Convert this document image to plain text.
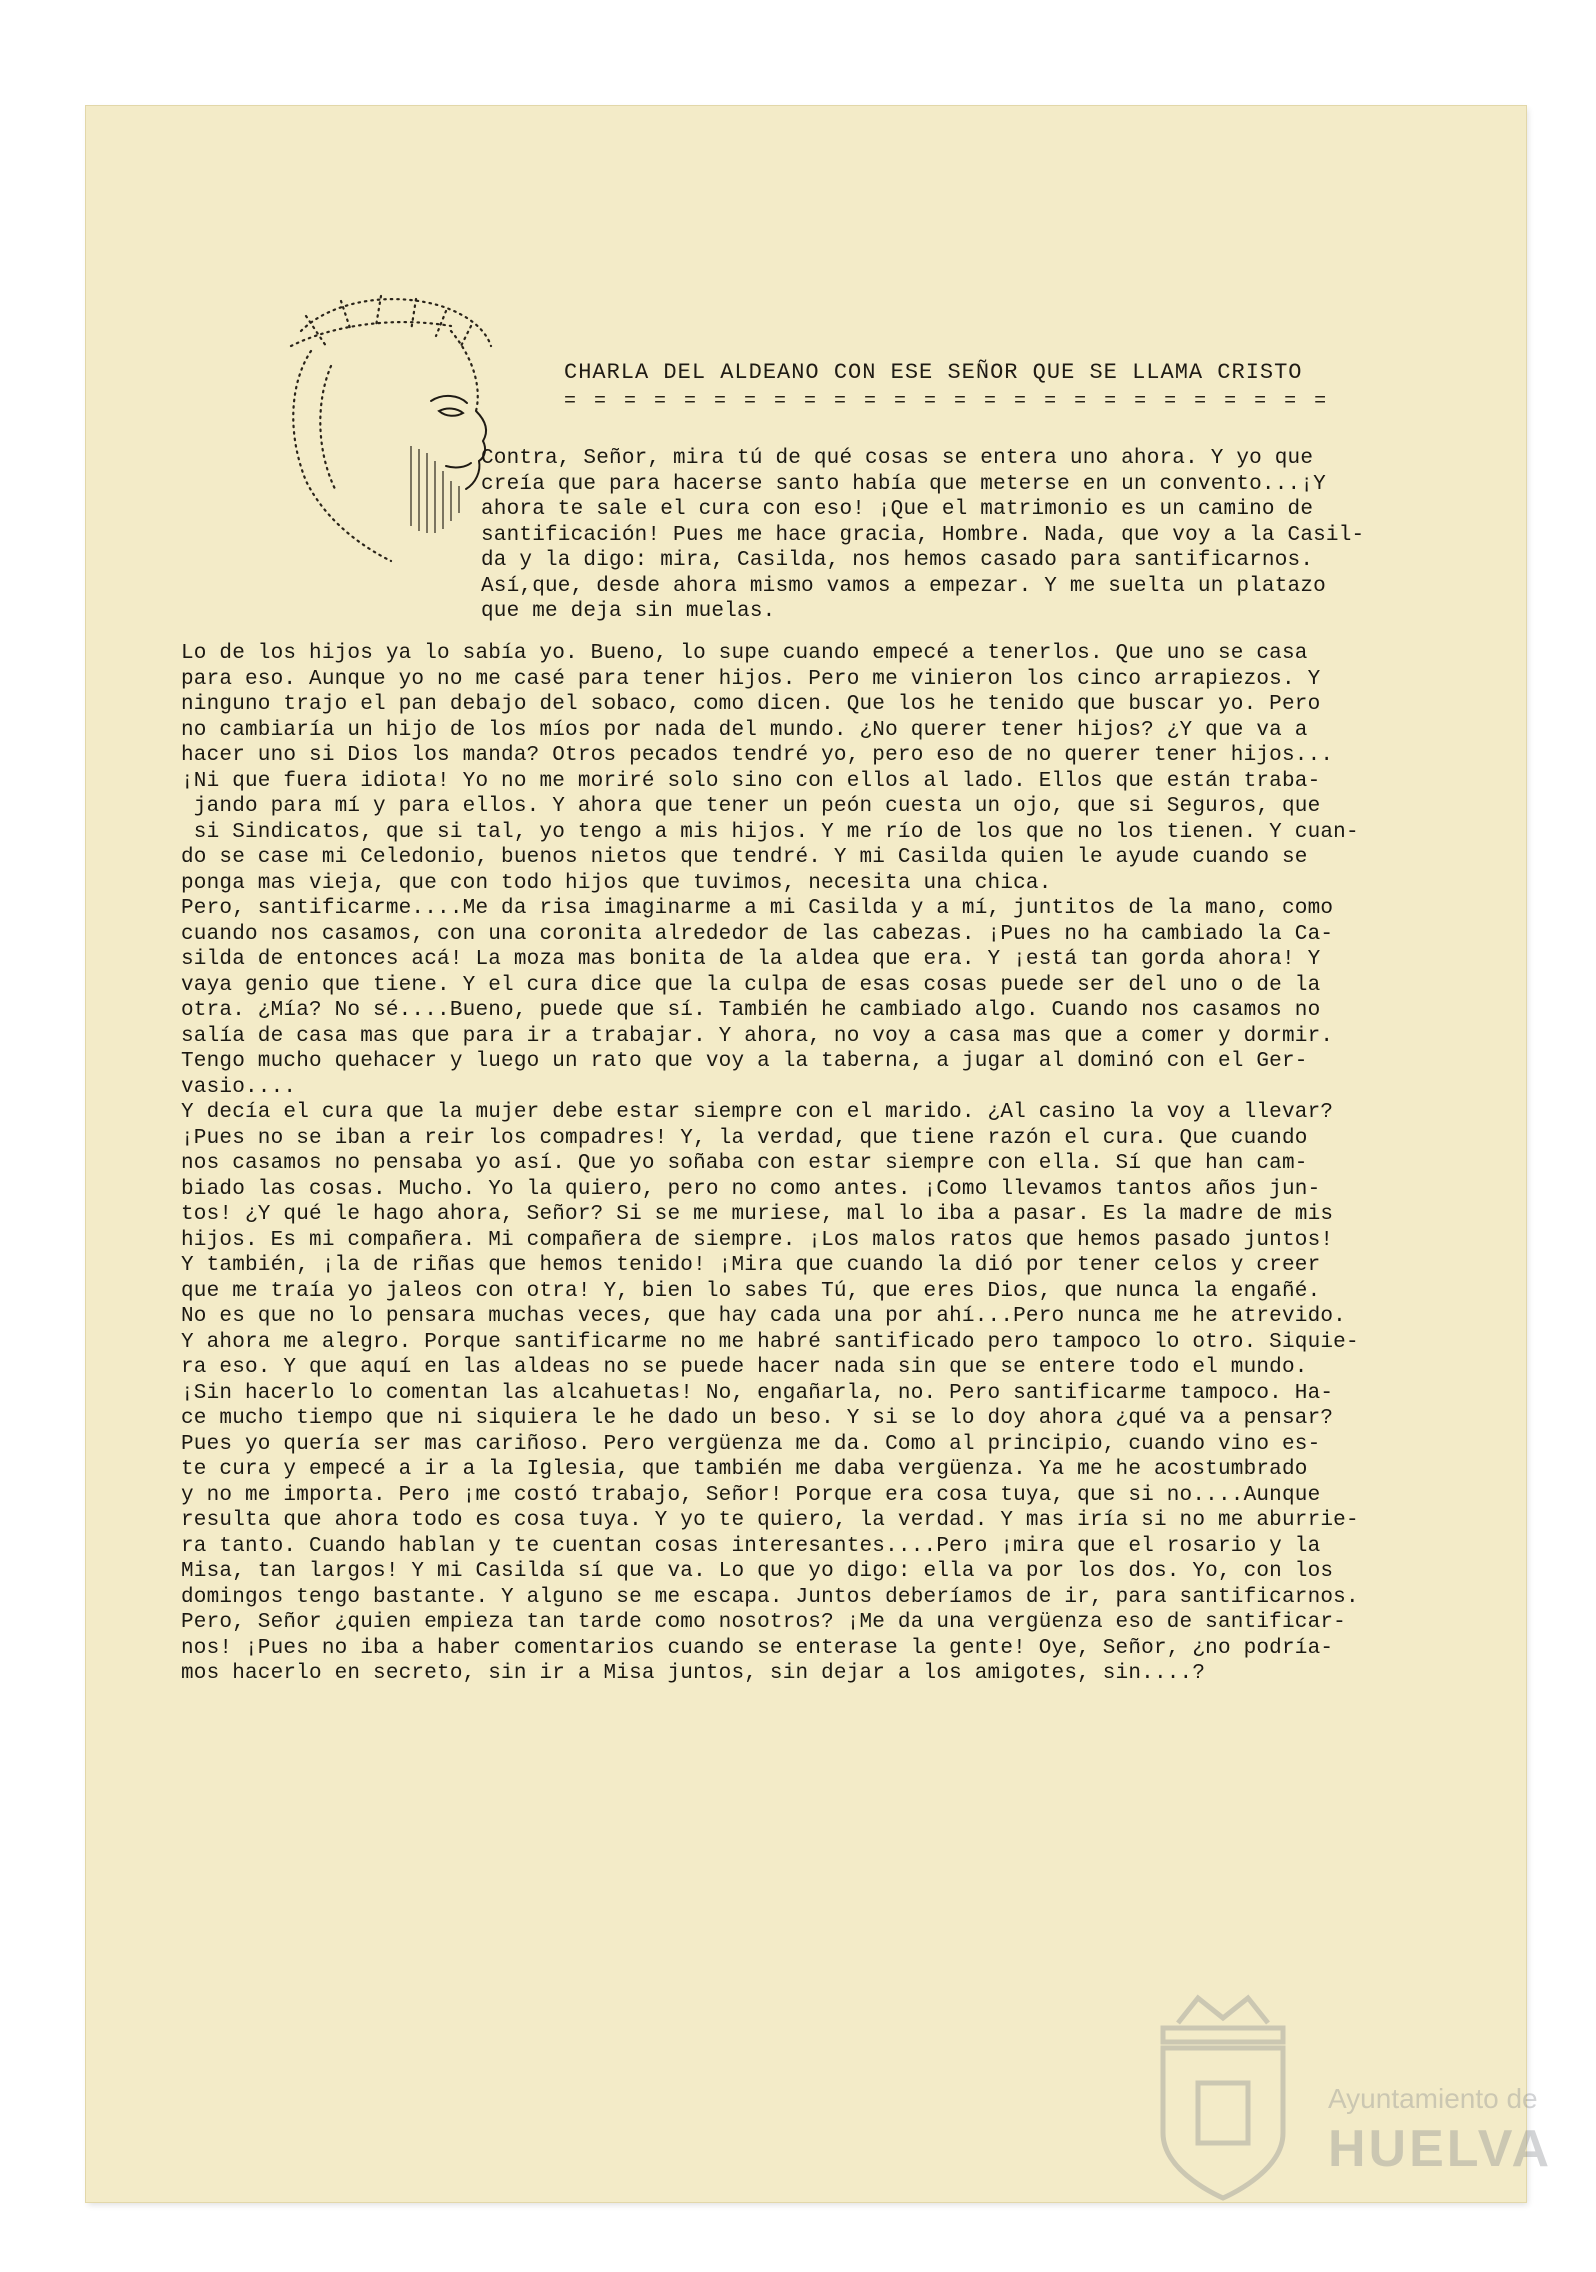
CHARLA DEL ALDEANO CON ESE SEÑOR QUE SE LLAMA CRISTO
= = = = = = = = = = = = = = = = = = = = = = = = = =

Contra, Señor, mira tú de qué cosas se entera uno ahora. Y yo que
creía que para hacerse santo había que meterse en un convento...¡Y
ahora te sale el cura con eso! ¡Que el matrimonio es un camino de
santificación! Pues me hace gracia, Hombre. Nada, que voy a la Casil-
da y la digo: mira, Casilda, nos hemos casado para santificarnos.
Así,que, desde ahora mismo vamos a empezar. Y me suelta un platazo
que me deja sin muelas.

Lo de los hijos ya lo sabía yo. Bueno, lo supe cuando empecé a tenerlos. Que uno se casa
para eso. Aunque yo no me casé para tener hijos. Pero me vinieron los cinco arrapiezos. Y
ninguno trajo el pan debajo del sobaco, como dicen. Que los he tenido que buscar yo. Pero
no cambiaría un hijo de los míos por nada del mundo. ¿No querer tener hijos? ¿Y que va a
hacer uno si Dios los manda? Otros pecados tendré yo, pero eso de no querer tener hijos...
¡Ni que fuera idiota! Yo no me moriré solo sino con ellos al lado. Ellos que están traba-
jando para mí y para ellos. Y ahora que tener un peón cuesta un ojo, que si Seguros, que
si Sindicatos, que si tal, yo tengo a mis hijos. Y me río de los que no los tienen. Y cuan-
do se case mi Celedonio, buenos nietos que tendré. Y mi Casilda quien le ayude cuando se
ponga mas vieja, que con todo hijos que tuvimos, necesita una chica.
Pero, santificarme....Me da risa imaginarme a mi Casilda y a mí, juntitos de la mano, como
cuando nos casamos, con una coronita alrededor de las cabezas. ¡Pues no ha cambiado la Ca-
silda de entonces acá! La moza mas bonita de la aldea que era. Y ¡está tan gorda ahora! Y
vaya genio que tiene. Y el cura dice que la culpa de esas cosas puede ser del uno o de la
otra. ¿Mía? No sé....Bueno, puede que sí. También he cambiado algo. Cuando nos casamos no
salía de casa mas que para ir a trabajar. Y ahora, no voy a casa mas que a comer y dormir.
Tengo mucho quehacer y luego un rato que voy a la taberna, a jugar al dominó con el Ger-
vasio....
Y decía el cura que la mujer debe estar siempre con el marido. ¿Al casino la voy a llevar?
¡Pues no se iban a reir los compadres! Y, la verdad, que tiene razón el cura. Que cuando
nos casamos no pensaba yo así. Que yo soñaba con estar siempre con ella. Sí que han cam-
biado las cosas. Mucho. Yo la quiero, pero no como antes. ¡Como llevamos tantos años jun-
tos! ¿Y qué le hago ahora, Señor? Si se me muriese, mal lo iba a pasar. Es la madre de mis
hijos. Es mi compañera. Mi compañera de siempre. ¡Los malos ratos que hemos pasado juntos!
Y también, ¡la de riñas que hemos tenido! ¡Mira que cuando la dió por tener celos y creer
que me traía yo jaleos con otra! Y, bien lo sabes Tú, que eres Dios, que nunca la engañé.
No es que no lo pensara muchas veces, que hay cada una por ahí...Pero nunca me he atrevido.
Y ahora me alegro. Porque santificarme no me habré santificado pero tampoco lo otro. Siquie-
ra eso. Y que aquí en las aldeas no se puede hacer nada sin que se entere todo el mundo.
¡Sin hacerlo lo comentan las alcahuetas! No, engañarla, no. Pero santificarme tampoco. Ha-
ce mucho tiempo que ni siquiera le he dado un beso. Y si se lo doy ahora ¿qué va a pensar?
Pues yo quería ser mas cariñoso. Pero vergüenza me da. Como al principio, cuando vino es-
te cura y empecé a ir a la Iglesia, que también me daba vergüenza. Ya me he acostumbrado
y no me importa. Pero ¡me costó trabajo, Señor! Porque era cosa tuya, que si no....Aunque
resulta que ahora todo es cosa tuya. Y yo te quiero, la verdad. Y mas iría si no me aburrie-
ra tanto. Cuando hablan y te cuentan cosas interesantes....Pero ¡mira que el rosario y la
Misa, tan largos! Y mi Casilda sí que va. Lo que yo digo: ella va por los dos. Yo, con los
domingos tengo bastante. Y alguno se me escapa. Juntos deberíamos de ir, para santificarnos.
Pero, Señor ¿quien empieza tan tarde como nosotros? ¡Me da una vergüenza eso de santificar-
nos! ¡Pues no iba a haber comentarios cuando se enterase la gente! Oye, Señor, ¿no podría-
mos hacerlo en secreto, sin ir a Misa juntos, sin dejar a los amigotes, sin....?

Ayuntamiento de
HUELVA
